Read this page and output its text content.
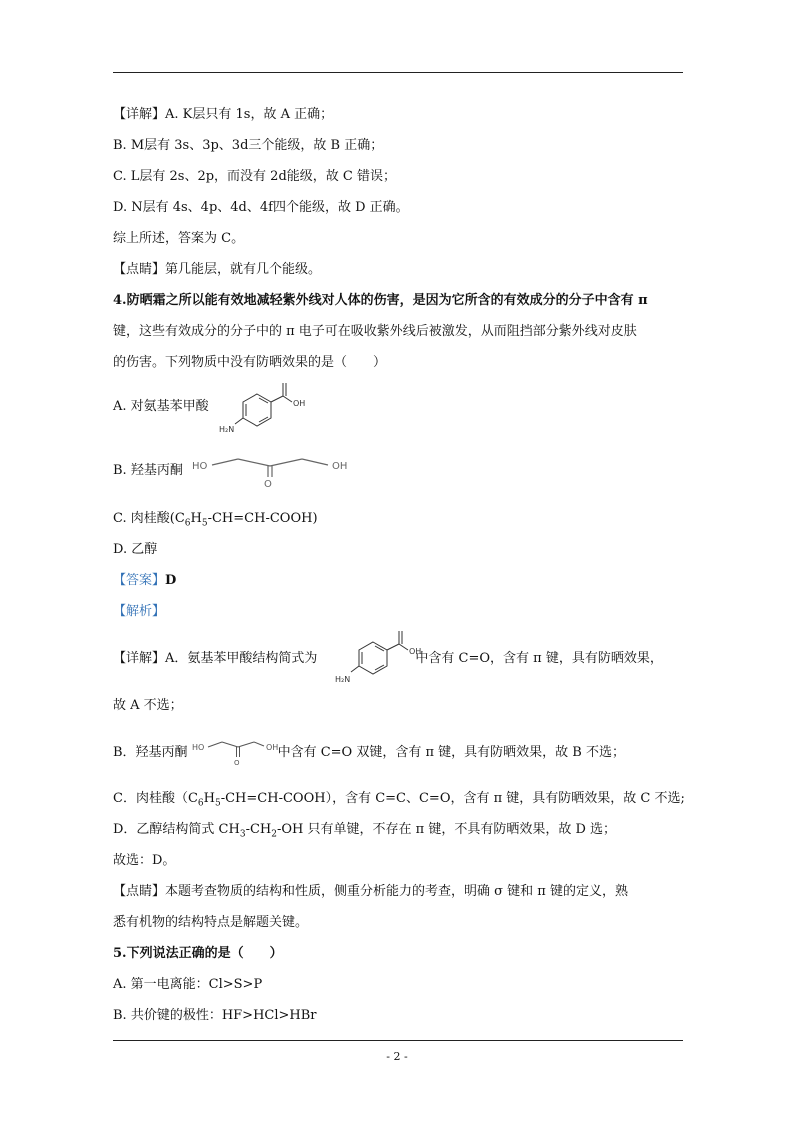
【详解】A. K层只有 1s，故 A 正确；
B. M层有 3s、3p、3d三个能级，故 B 正确；
C. L层有 2s、2p，而没有 2d能级，故 C 错误；
D. N层有 4s、4p、4d、4f四个能级，故 D 正确。
综上所述，答案为 C。
【点睛】第几能层，就有几个能级。
4.防晒霜之所以能有效地减轻紫外线对人体的伤害，是因为它所含的有效成分的分子中含有 π
键，这些有效成分的分子中的 π 电子可在吸收紫外线后被激发，从而阻挡部分紫外线对皮肤
的伤害。下列物质中没有防晒效果的是（　　）
A. 对氨基苯甲酸	OH
H₂N
B. 羟基丙酮 HO
O
OH
C. 肉桂酸$(C_6H_5-CH=CH-COOH)$
D. 乙醇
【答案】D
【解析】
【详解】A．氨基苯甲酸结构简式为	中含有 C=O，含有 π 键，具有防晒效果，
OH
H₂N
故 A 不选；
B．羟基丙酮	中含有 C=O 双键，含有 π 键，具有防晒效果，故 B 不选；
HO
O
OH
C．肉桂酸$(C_6H_5-CH=CH-COOH)$，含有 C=C、C=O，含有 π 键，具有防晒效果，故 C 不选;
D．乙醇结构简式 $CH_3-CH_2-OH$ 只有单键，不存在 π 键，不具有防晒效果，故 D 选；
故选：D。
【点睛】本题考查物质的结构和性质，侧重分析能力的考查，明确 σ 键和 π 键的定义，熟
悉有机物的结构特点是解题关键。
5.下列说法正确的是（　　）
A. 第一电离能：Cl>S>P
B. 共价键的极性：HF>HCl>HBr
- 2 -
